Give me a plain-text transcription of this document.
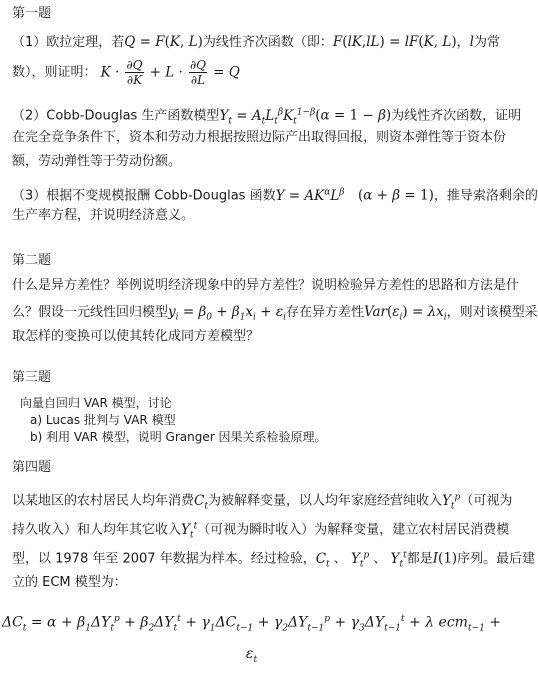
第一题
（1）欧拉定理，若Q = F(K, L)为线性齐次函数（即：F(lK,lL) = lF(K, L)，l为常
数），则证明： $K \cdot \frac{\partial Q}{\partial K} + L \cdot \frac{\partial Q}{\partial L} = Q$
（2）Cobb-Douglas 生产函数模型$Y_t = A_tL_t^\beta K_t^{1-\beta}(\alpha = 1 - \beta)$为线性齐次函数，证明
在完全竞争条件下，资本和劳动力根据按照边际产出取得回报，则资本弹性等于资本份
额，劳动弹性等于劳动份额。
（3）根据不变规模报酬 Cobb-Douglas 函数$Y = AK^\alpha L^\beta$　(α + β = 1)，推导索洛剩余的
生产率方程，并说明经济意义。
第二题
什么是异方差性？举例说明经济现象中的异方差性？说明检验异方差性的思路和方法是什
么？假设一元线性回归模型$y_i = \beta_0 + \beta_1x_i + \varepsilon_i$存在异方差性$Var(\varepsilon_i) = \lambda x_i$，则对该模型采
取怎样的变换可以使其转化成同方差模型？
第三题
向量自回归 VAR 模型，讨论
a) Lucas 批判与 VAR 模型
b) 利用 VAR 模型，说明 Granger 因果关系检验原理。
第四题
以某地区的农村居民人均年消费$C_t$为被解释变量，以人均年家庭经营纯收入$Y_t^p$（可视为
持久收入）和人均年其它收入$Y_t^t$（可视为瞬时收入）为解释变量，建立农村居民消费模
型，以 1978 年至 2007 年数据为样本。经过检验，$C_t$ 、 $Y_t^p$ 、 $Y_t^t$都是I(1)序列。最后建
立的 ECM 模型为：
$\Delta C_t = \alpha + \beta_1\Delta Y_t^p + \beta_2\Delta Y_t^t + \gamma_1\Delta C_{t-1} + \gamma_2\Delta Y_{t-1}^p + \gamma_3\Delta Y_{t-1}^t + \lambda$ $ecm_{t-1} + \varepsilon_t$
